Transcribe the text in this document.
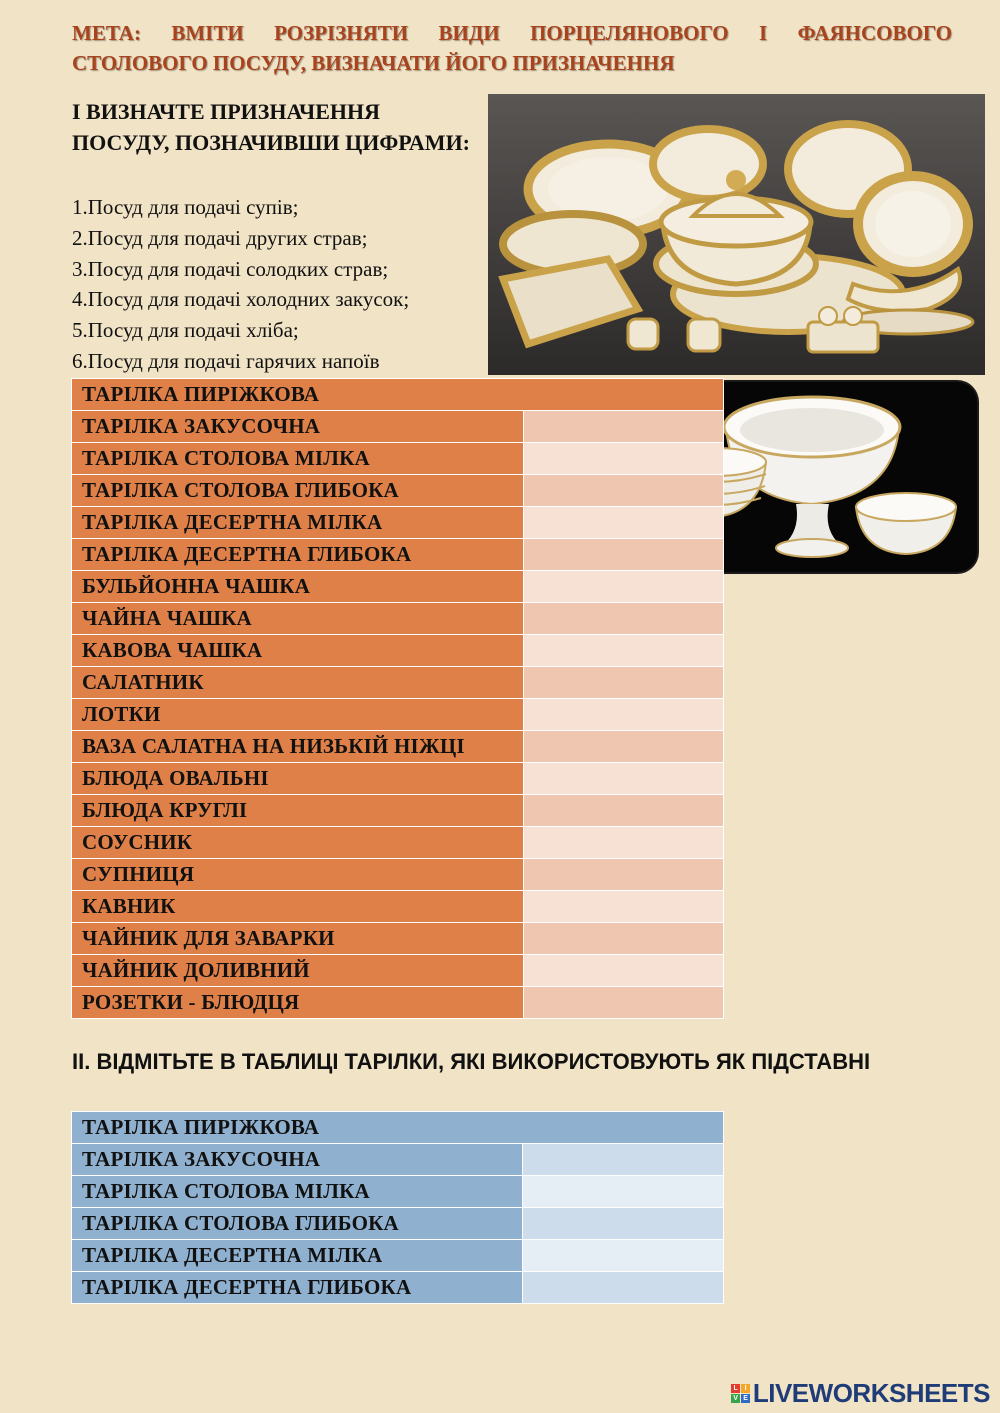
МЕТА: ВМІТИ РОЗРІЗНЯТИ ВИДИ ПОРЦЕЛЯНОВОГО І ФАЯНСОВОГО
СТОЛОВОГО ПОСУДУ, ВИЗНАЧАТИ ЙОГО ПРИЗНАЧЕННЯ
І ВИЗНАЧТЕ ПРИЗНАЧЕННЯ ПОСУДУ, ПОЗНАЧИВШИ ЦИФРАМИ:
1.Посуд для подачі супів;
2.Посуд для подачі других страв;
3.Посуд для подачі солодких страв;
4.Посуд для подачі холодних закусок;
5.Посуд для подачі хліба;
6.Посуд для подачі гарячих напоїв
ТАРІЛКА ПИРІЖКОВА	
ТАРІЛКА ЗАКУСОЧНА	
ТАРІЛКА СТОЛОВА МІЛКА	
ТАРІЛКА СТОЛОВА ГЛИБОКА	
ТАРІЛКА ДЕСЕРТНА МІЛКА	
ТАРІЛКА ДЕСЕРТНА ГЛИБОКА	
БУЛЬЙОННА ЧАШКА	
ЧАЙНА ЧАШКА	
КАВОВА ЧАШКА	
САЛАТНИК	
ЛОТКИ	
ВАЗА САЛАТНА НА НИЗЬКІЙ НІЖЦІ	
БЛЮДА ОВАЛЬНІ	
БЛЮДА КРУГЛІ	
СОУСНИК	
СУПНИЦЯ	
КАВНИК	
ЧАЙНИК ДЛЯ ЗАВАРКИ	
ЧАЙНИК ДОЛИВНИЙ	
РОЗЕТКИ - БЛЮДЦЯ	
ІІ. ВІДМІТЬТЕ В ТАБЛИЦІ ТАРІЛКИ, ЯКІ ВИКОРИСТОВУЮТЬ ЯК ПІДСТАВНІ
ТАРІЛКА ПИРІЖКОВА	
ТАРІЛКА ЗАКУСОЧНА	
ТАРІЛКА СТОЛОВА МІЛКА	
ТАРІЛКА СТОЛОВА ГЛИБОКА	
ТАРІЛКА ДЕСЕРТНА МІЛКА	
ТАРІЛКА ДЕСЕРТНА ГЛИБОКА	
L	I
V E LIVEWORKSHEETS
